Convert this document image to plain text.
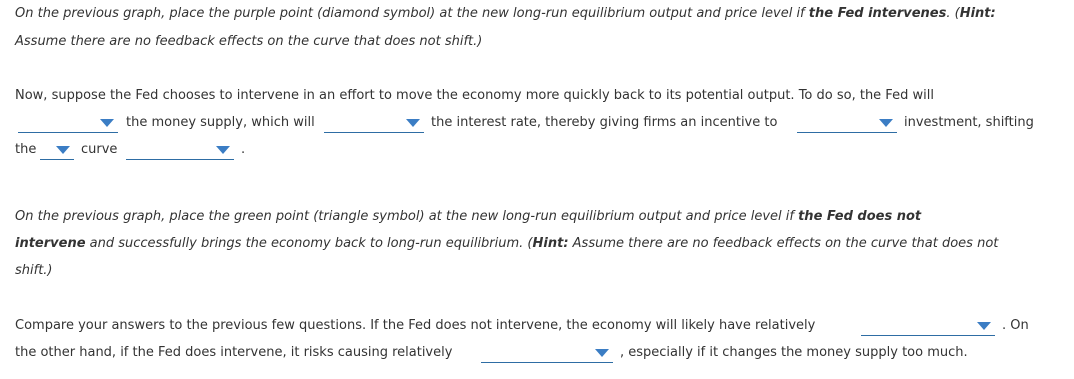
On the previous graph, place the purple point (diamond symbol) at the new long-run equilibrium output and price level if the Fed intervenes. (Hint:
Assume there are no feedback effects on the curve that does not shift.)
Now, suppose the Fed chooses to intervene in an effort to move the economy more quickly back to its potential output. To do so, the Fed will
the money supply, which will	the interest rate, thereby giving firms an incentive to	investment, shifting
the	curve	.
On the previous graph, place the green point (triangle symbol) at the new long-run equilibrium output and price level if the Fed does not
intervene and successfully brings the economy back to long-run equilibrium. (Hint: Assume there are no feedback effects on the curve that does not
shift.)
Compare your answers to the previous few questions. If the Fed does not intervene, the economy will likely have relatively	. On
the other hand, if the Fed does intervene, it risks causing relatively	, especially if it changes the money supply too much.
